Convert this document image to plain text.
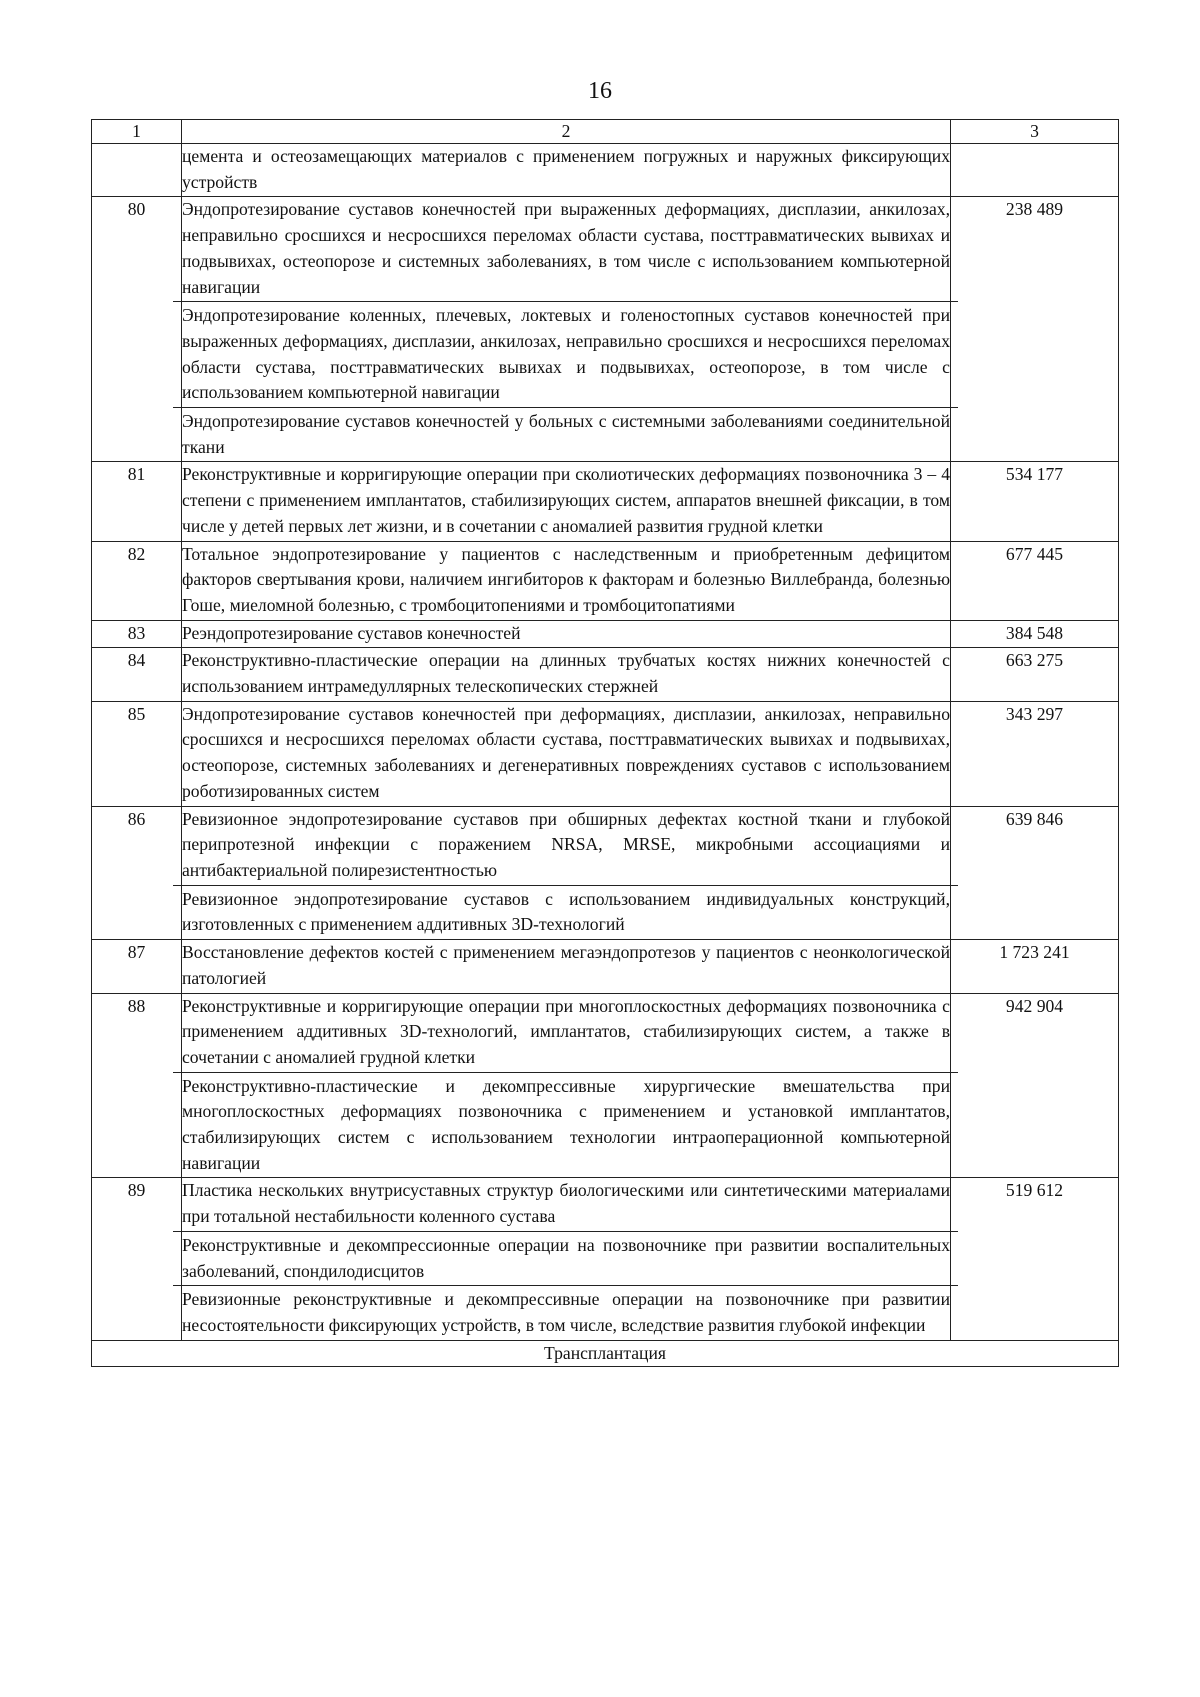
16
1	2	3

	цемента и остеозамещающих материалов с применением погружных и наружных фиксирующих устройств	

80	Эндопротезирование суставов конечностей при выраженных деформациях, дисплазии, анкилозах, неправильно сросшихся и несросшихся переломах области сустава, посттравматических вывихах и подвывихах, остеопорозе и системных заболеваниях, в том числе с использованием компьютерной навигации
Эндопротезирование коленных, плечевых, локтевых и голеностопных суставов конечностей при выраженных деформациях, дисплазии, анкилозах, неправильно сросшихся и несросшихся переломах области сустава, посттравматических вывихах и подвывихах, остеопорозе, в том числе с использованием компьютерной навигации
Эндопротезирование суставов конечностей у больных с системными заболеваниями соединительной ткани	238 489
81	Реконструктивные и корригирующие операции при сколиотических деформациях позвоночника 3 – 4 степени с применением имплантатов, стабилизирующих систем, аппаратов внешней фиксации, в том числе у детей первых лет жизни, и в сочетании с аномалией развития грудной клетки	534 177
82	Тотальное эндопротезирование у пациентов с наследственным и приобретенным дефицитом факторов свертывания крови, наличием ингибиторов к факторам и болезнью Виллебранда, болезнью Гоше, миеломной болезнью, с тромбоцитопениями и тромбоцитопатиями	677 445
83	Реэндопротезирование суставов конечностей	384 548
84	Реконструктивно-пластические операции на длинных трубчатых костях нижних конечностей с использованием интрамедуллярных телескопических стержней	663 275
85	Эндопротезирование суставов конечностей при деформациях, дисплазии, анкилозах, неправильно сросшихся и несросшихся переломах области сустава, посттравматических вывихах и подвывихах, остеопорозе, системных заболеваниях и дегенеративных повреждениях суставов с использованием роботизированных систем	343 297
86	Ревизионное эндопротезирование суставов при обширных дефектах костной ткани и глубокой перипротезной инфекции с поражением NRSA, MRSE, микробными ассоциациями и антибактериальной полирезистентностью
Ревизионное эндопротезирование суставов с использованием индивидуальных конструкций, изготовленных с применением аддитивных 3D-технологий	639 846
87	Восстановление дефектов костей с применением мегаэндопротезов у пациентов с неонкологической патологией	1 723 241
88	Реконструктивные и корригирующие операции при многоплоскостных деформациях позвоночника с применением аддитивных 3D-технологий, имплантатов, стабилизирующих систем, а также в сочетании с аномалией грудной клетки
Реконструктивно-пластические и декомпрессивные хирургические вмешательства при многоплоскостных деформациях позвоночника с применением и установкой имплантатов, стабилизирующих систем с использованием технологии интраоперационной компьютерной навигации	942 904
89	Пластика нескольких внутрисуставных структур биологическими или синтетическими материалами при тотальной нестабильности коленного сустава
Реконструктивные и декомпрессионные операции на позвоночнике при развитии воспалительных заболеваний, спондилодисцитов
Ревизионные реконструктивные и декомпрессивные операции на позвоночнике при развитии несостоятельности фиксирующих устройств, в том числе, вследствие развития глубокой инфекции	519 612
Трансплантация		
